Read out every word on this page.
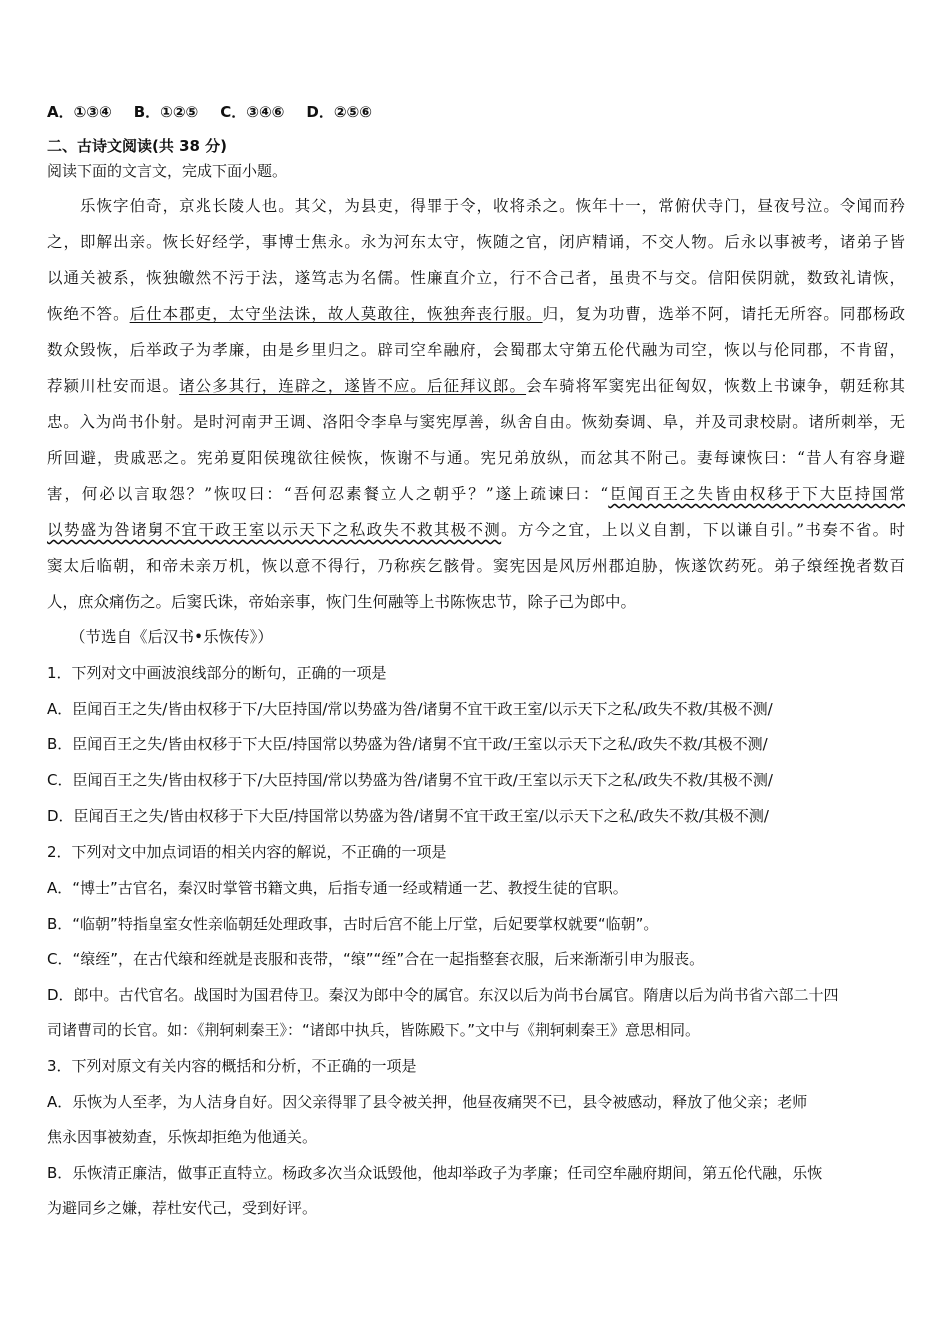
A．①③④ B．①②⑤ C．③④⑥ D．②⑤⑥
二、古诗文阅读(共 38 分)
阅读下面的文言文，完成下面小题。
乐恢字伯奇，京兆长陵人也。其父，为县吏，得罪于令，收将杀之。恢年十一，常俯伏寺门，昼夜号泣。令闻而矜
之，即解出亲。恢长好经学，事博士焦永。永为河东太守，恢随之官，闭庐精诵，不交人物。后永以事被考，诸弟子皆
以通关被系，恢独皦然不污于法，遂笃志为名儒。性廉直介立，行不合己者，虽贵不与交。信阳侯阴就，数致礼请恢，
恢绝不答。后仕本郡吏，太守坐法诛，故人莫敢往，恢独奔丧行服。归，复为功曹，选举不阿，请托无所容。同郡杨政
数众毁恢，后举政子为孝廉，由是乡里归之。辟司空牟融府，会蜀郡太守第五伦代融为司空，恢以与伦同郡，不肯留，
荐颍川杜安而退。诸公多其行，连辟之，遂皆不应。后征拜议郎。会车骑将军窦宪出征匈奴，恢数上书谏争，朝廷称其
忠。入为尚书仆射。是时河南尹王调、洛阳令李阜与窦宪厚善，纵舍自由。恢劾奏调、阜，并及司隶校尉。诸所刺举，无
所回避，贵戚恶之。宪弟夏阳侯瑰欲往候恢，恢谢不与通。宪兄弟放纵，而忿其不附己。妻每谏恢曰：“昔人有容身避
害，何必以言取怨？”恢叹曰：“吾何忍素餐立人之朝乎？”遂上疏谏曰：“臣闻百王之失皆由权移于下大臣持国常
以势盛为咎诸舅不宜干政王室以示天下之私政失不救其极不测。方今之宜，上以义自割，下以谦自引。”书奏不省。时
窦太后临朝，和帝未亲万机，恢以意不得行，乃称疾乞骸骨。窦宪因是风厉州郡迫胁，恢遂饮药死。弟子缞绖挽者数百
人，庶众痛伤之。后窦氏诛，帝始亲事，恢门生何融等上书陈恢忠节，除子己为郎中。
（节选自《后汉书•乐恢传》）
1．下列对文中画波浪线部分的断句，正确的一项是
A．臣闻百王之失/皆由权移于下/大臣持国/常以势盛为咎/诸舅不宜干政王室/以示天下之私/政失不救/其极不测/
B．臣闻百王之失/皆由权移于下大臣/持国常以势盛为咎/诸舅不宜干政/王室以示天下之私/政失不救/其极不测/
C．臣闻百王之失/皆由权移于下/大臣持国/常以势盛为咎/诸舅不宜干政/王室以示天下之私/政失不救/其极不测/
D．臣闻百王之失/皆由权移于下大臣/持国常以势盛为咎/诸舅不宜干政王室/以示天下之私/政失不救/其极不测/
2．下列对文中加点词语的相关内容的解说，不正确的一项是
A．“博士”古官名，秦汉时掌管书籍文典，后指专通一经或精通一艺、教授生徒的官职。
B．“临朝”特指皇室女性亲临朝廷处理政事，古时后宫不能上厅堂，后妃要掌权就要“临朝”。
C．“缞绖”，在古代缞和绖就是丧服和丧带，“缞”“绖”合在一起指整套衣服，后来渐渐引申为服丧。
D．郎中。古代官名。战国时为国君侍卫。秦汉为郎中令的属官。东汉以后为尚书台属官。隋唐以后为尚书省六部二十四
司诸曹司的长官。如：《荆轲刺秦王》：“诸郎中执兵，皆陈殿下。”文中与《荆轲刺秦王》意思相同。
3．下列对原文有关内容的概括和分析，不正确的一项是
A．乐恢为人至孝，为人洁身自好。因父亲得罪了县令被关押，他昼夜痛哭不已，县令被感动，释放了他父亲；老师
焦永因事被劾查，乐恢却拒绝为他通关。
B．乐恢清正廉洁，做事正直特立。杨政多次当众诋毁他，他却举政子为孝廉；任司空牟融府期间，第五伦代融，乐恢
为避同乡之嫌，荐杜安代己，受到好评。
